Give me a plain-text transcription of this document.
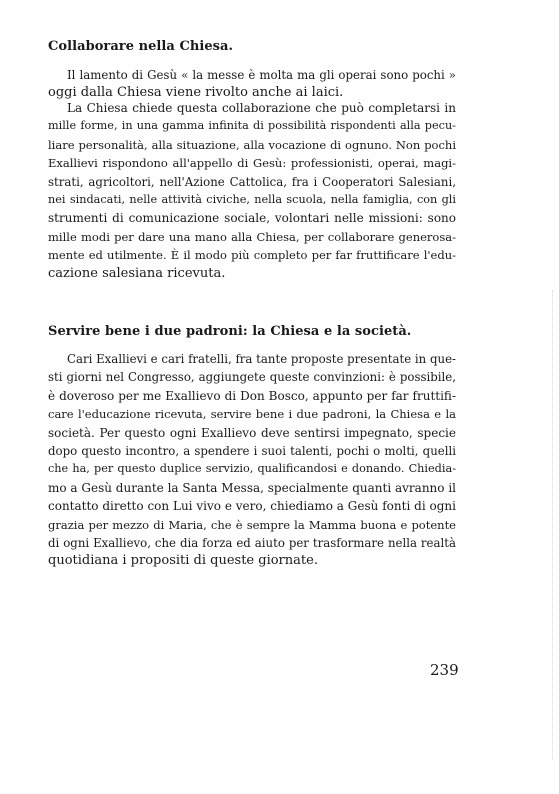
Collaborare nella Chiesa.
Il lamento di Gesù « la messe è molta ma gli operai sono pochi »
oggi dalla Chiesa viene rivolto anche ai laici.
La Chiesa chiede questa collaborazione che può completarsi in
mille forme, in una gamma infinita di possibilità rispondenti alla pecu-
liare personalità, alla situazione, alla vocazione di ognuno. Non pochi
Exallievi rispondono all'appello di Gesù: professionisti, operai, magi-
strati, agricoltori, nell'Azione Cattolica, fra i Cooperatori Salesiani,
nei sindacati, nelle attività civiche, nella scuola, nella famiglia, con gli
strumenti di comunicazione sociale, volontari nelle missioni: sono
mille modi per dare una mano alla Chiesa, per collaborare generosa-
mente ed utilmente. È il modo più completo per far fruttificare l'edu-
cazione salesiana ricevuta.
Servire bene i due padroni: la Chiesa e la società.
Cari Exallievi e cari fratelli, fra tante proposte presentate in que-
sti giorni nel Congresso, aggiungete queste convinzioni: è possibile,
è doveroso per me Exallievo di Don Bosco, appunto per far fruttifi-
care l'educazione ricevuta, servire bene i due padroni, la Chiesa e la
società. Per questo ogni Exallievo deve sentirsi impegnato, specie
dopo questo incontro, a spendere i suoi talenti, pochi o molti, quelli
che ha, per questo duplice servizio, qualificandosi e donando. Chiedia-
mo a Gesù durante la Santa Messa, specialmente quanti avranno il
contatto diretto con Lui vivo e vero, chiediamo a Gesù fonti di ogni
grazia per mezzo di Maria, che è sempre la Mamma buona e potente
di ogni Exallievo, che dia forza ed aiuto per trasformare nella realtà
quotidiana i propositi di queste giornate.
239
